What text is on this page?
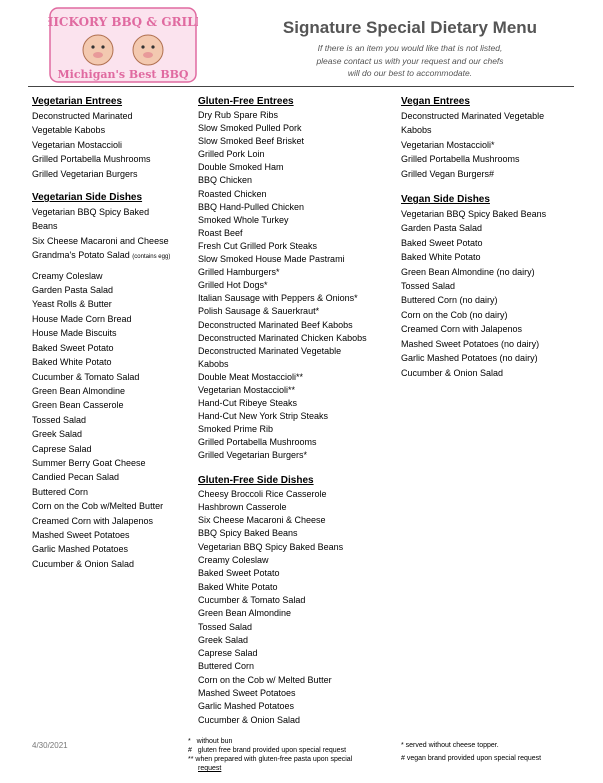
HICKORY BBQ & GRILL
Michigan's Best BBQ
Signature Special Dietary Menu
If there is an item you would like that is not listed,
please contact us with your request and our chefs
will do our best to accommodate.
Vegetarian Entrees
Deconstructed Marinated
Vegetable Kabobs
Vegetarian Mostaccioli
Grilled Portabella Mushrooms
Grilled Vegetarian Burgers
Vegetarian Side Dishes
Vegetarian BBQ Spicy Baked
Beans
Six Cheese Macaroni and Cheese
Grandma's Potato Salad (contains egg)
Creamy Coleslaw
Garden Pasta Salad
Yeast Rolls & Butter
House Made Corn Bread
House Made Biscuits
Baked Sweet Potato
Baked White Potato
Cucumber & Tomato Salad
Green Bean Almondine
Green Bean Casserole
Tossed Salad
Greek Salad
Caprese Salad
Summer Berry Goat Cheese
Candied Pecan Salad
Buttered Corn
Corn on the Cob w/Melted Butter
Creamed Corn with Jalapenos
Mashed Sweet Potatoes
Garlic Mashed Potatoes
Cucumber & Onion Salad
Gluten-Free Entrees
Dry Rub Spare Ribs
Slow Smoked Pulled Pork
Slow Smoked Beef Brisket
Grilled Pork Loin
Double Smoked Ham
BBQ Chicken
Roasted Chicken
BBQ Hand-Pulled Chicken
Smoked Whole Turkey
Roast Beef
Fresh Cut Grilled Pork Steaks
Slow Smoked House Made Pastrami
Grilled Hamburgers*
Grilled Hot Dogs*
Italian Sausage with Peppers & Onions*
Polish Sausage & Sauerkraut*
Deconstructed Marinated Beef Kabobs
Deconstructed Marinated Chicken Kabobs
Deconstructed Marinated Vegetable
Kabobs
Double Meat Mostaccioli**
Vegetarian Mostaccioli**
Hand-Cut Ribeye Steaks
Hand-Cut New York Strip Steaks
Smoked Prime Rib
Grilled Portabella Mushrooms
Grilled Vegetarian Burgers*
Gluten-Free Side Dishes
Cheesy Broccoli Rice Casserole
Hashbrown Casserole
Six Cheese Macaroni & Cheese
BBQ Spicy Baked Beans
Vegetarian BBQ Spicy Baked Beans
Creamy Coleslaw
Baked Sweet Potato
Baked White Potato
Cucumber & Tomato Salad
Green Bean Almondine
Tossed Salad
Greek Salad
Caprese Salad
Buttered Corn
Corn on the Cob w/ Melted Butter
Mashed Sweet Potatoes
Garlic Mashed Potatoes
Cucumber & Onion Salad
Vegan Entrees
Deconstructed Marinated Vegetable
Kabobs
Vegetarian Mostaccioli*
Grilled Portabella Mushrooms
Grilled Vegan Burgers#
Vegan Side Dishes
Vegetarian BBQ Spicy Baked Beans
Garden Pasta Salad
Baked Sweet Potato
Baked White Potato
Green Bean Almondine (no dairy)
Tossed Salad
Buttered Corn (no dairy)
Corn on the Cob (no dairy)
Creamed Corn with Jalapenos
Mashed Sweet Potatoes (no dairy)
Garlic Mashed Potatoes (no dairy)
Cucumber & Onion Salad
4/30/2021	* without bun
# gluten free brand provided upon special request
** when prepared with gluten-free pasta upon special
request
* served without cheese topper.
# vegan brand provided upon special request
